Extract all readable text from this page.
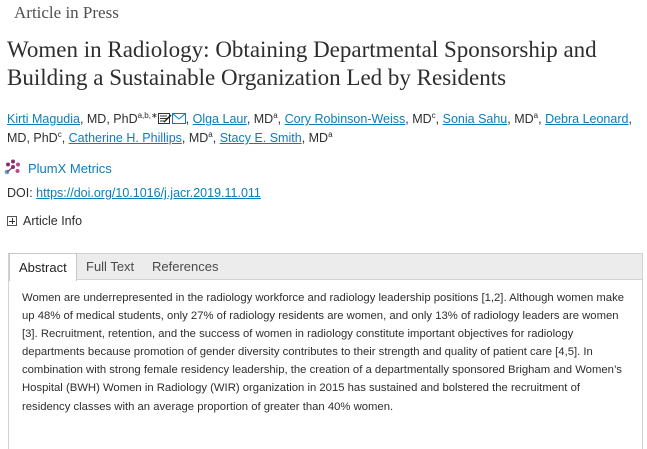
Article in Press
Women in Radiology: Obtaining Departmental Sponsorship and Building a Sustainable Organization Led by Residents
Kirti Magudia, MD, PhD$^{a,b,∗}$ , Olga Laur, $MD^a$, Cory Robinson-Weiss, $MD^c$, Sonia Sahu, $MD^a$, Debra Leonard, MD, PhD$^c$, Catherine H. Phillips, $MD^a$, Stacy E. Smith, $MD^a$
PlumX Metrics
DOI: https://doi.org/10.1016/j.jacr.2019.11.011
Article Info
Abstract	Full Text	References

Women are underrepresented in the radiology workforce and radiology leadership positions [1,2]. Although women make up 48% of medical students, only 27% of radiology residents are women, and only 13% of radiology leaders are women [3]. Recruitment, retention, and the success of women in radiology constitute important objectives for radiology departments because promotion of gender diversity contributes to their strength and quality of patient care [4,5]. In combination with strong female residency leadership, the creation of a departmentally sponsored Brigham and Women’s Hospital (BWH) Women in Radiology (WIR) organization in 2015 has sustained and bolstered the recruitment of residency classes with an average proportion of greater than 40% women.
